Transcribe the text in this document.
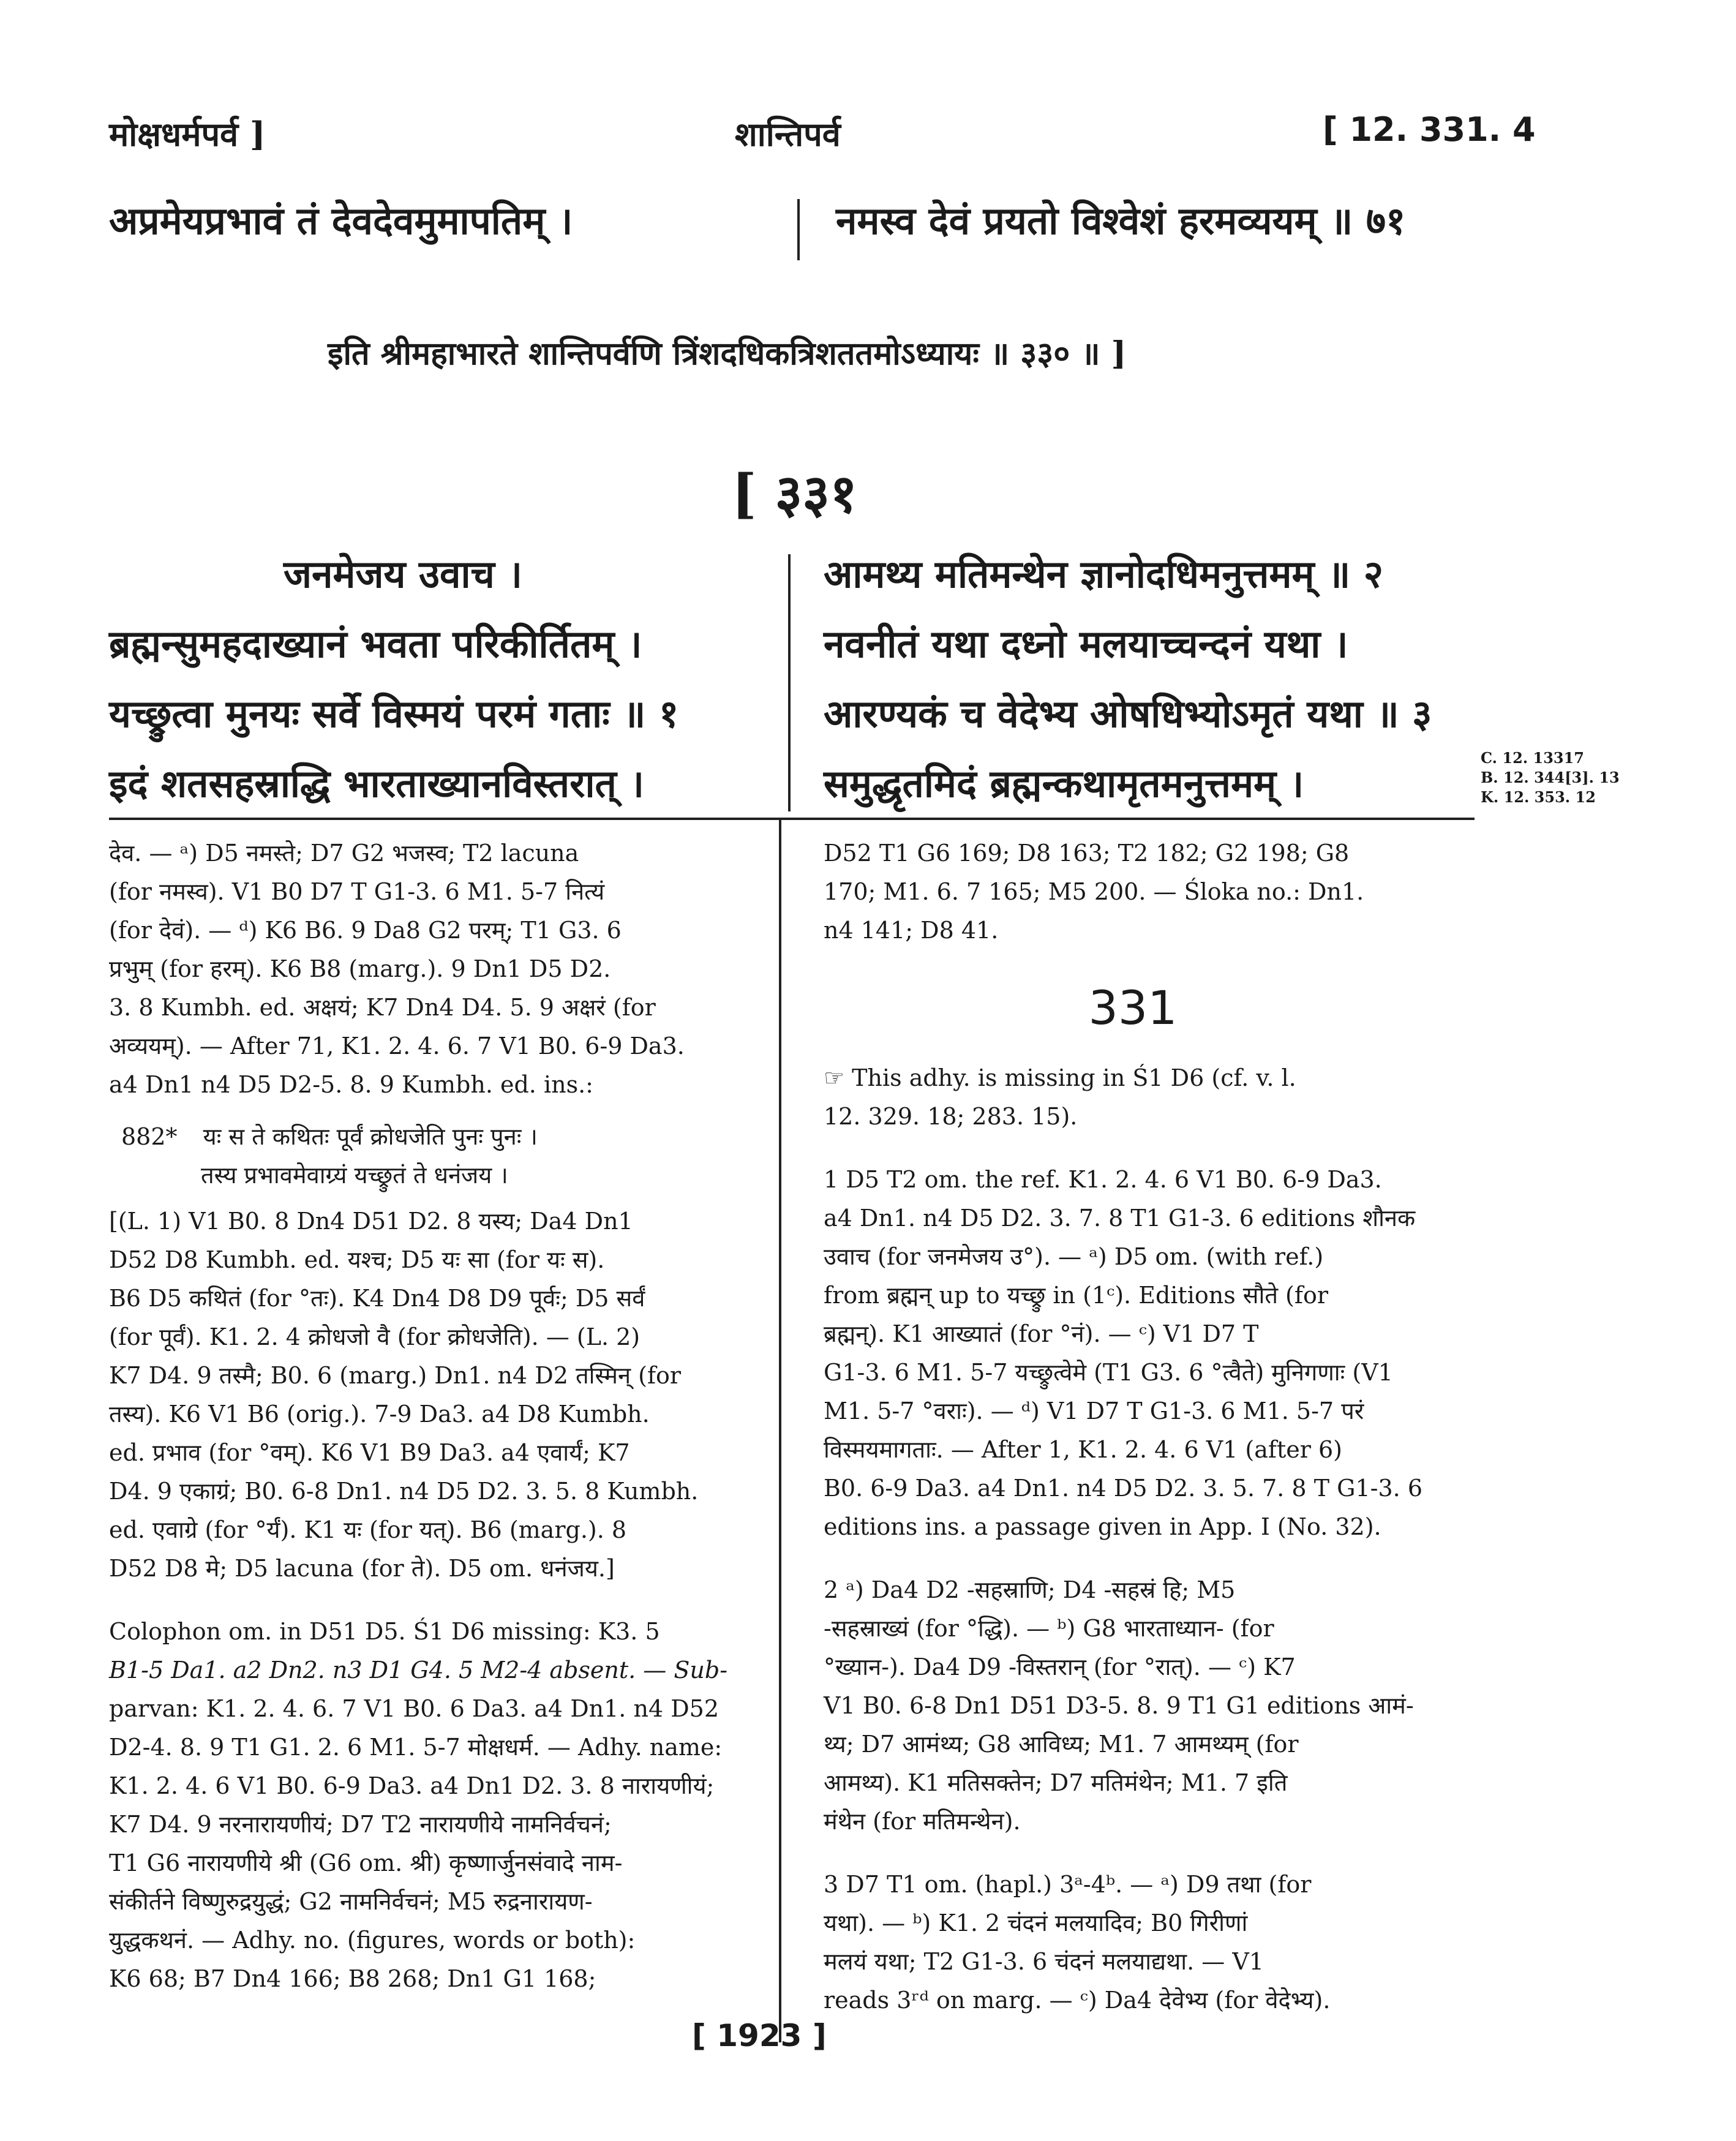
मोक्षधर्मपर्व ]	शान्तिपर्व	[ 12. 331. 4
अप्रमेयप्रभावं तं देवदेवमुमापतिम् ।	नमस्व देवं प्रयतो विश्वेशं हरमव्ययम् ॥ ७१
इति श्रीमहाभारते शान्तिपर्वणि त्रिंशदधिकत्रिशततमोऽध्यायः ॥ ३३० ॥ ]
[ ३३१
जनमेजय उवाच ।
ब्रह्मन्सुमहदाख्यानं भवता परिकीर्तितम् ।
यच्छ्रुत्वा मुनयः सर्वे विस्मयं परमं गताः ॥ १
इदं शतसहस्राद्धि भारताख्यानविस्तरात् ।
आमथ्य मतिमन्थेन ज्ञानोदधिमनुत्तमम् ॥ २
नवनीतं यथा दध्नो मलयाच्चन्दनं यथा ।
आरण्यकं च वेदेभ्य ओषधिभ्योऽमृतं यथा ॥ ३
समुद्धृतमिदं ब्रह्मन्कथामृतमनुत्तमम् ।
C. 12. 13317
B. 12. 344[3]. 13
K. 12. 353. 12
देव. — ᵃ) D5 नमस्ते; D7 G2 भजस्व; T2 lacuna
(for नमस्व). V1 B0 D7 T G1-3. 6 M1. 5-7 नित्यं
(for देवं). — ᵈ) K6 B6. 9 Da8 G2 परम्; T1 G3. 6
प्रभुम् (for हरम्). K6 B8 (marg.). 9 Dn1 D5 D2.
3. 8 Kumbh. ed. अक्षयं; K7 Dn4 D4. 5. 9 अक्षरं (for
अव्ययम्). — After 71, K1. 2. 4. 6. 7 V1 B0. 6-9 Da3.
a4 Dn1 n4 D5 D2-5. 8. 9 Kumbh. ed. ins.:
882* यः स ते कथितः पूर्वं क्रोधजेति पुनः पुनः ।
तस्य प्रभावमेवाग्र्यं यच्छ्रुतं ते धनंजय ।
[(L. 1) V1 B0. 8 Dn4 D51 D2. 8 यस्य; Da4 Dn1
D52 D8 Kumbh. ed. यश्च; D5 यः सा (for यः स).
B6 D5 कथितं (for °तः). K4 Dn4 D8 D9 पूर्वः; D5 सर्वं
(for पूर्वं). K1. 2. 4 क्रोधजो वै (for क्रोधजेति). — (L. 2)
K7 D4. 9 तस्मै; B0. 6 (marg.) Dn1. n4 D2 तस्मिन् (for
तस्य). K6 V1 B6 (orig.). 7-9 Da3. a4 D8 Kumbh.
ed. प्रभाव (for °वम्). K6 V1 B9 Da3. a4 एवार्यं; K7
D4. 9 एकाग्रं; B0. 6-8 Dn1. n4 D5 D2. 3. 5. 8 Kumbh.
ed. एवाग्रे (for °र्यं). K1 यः (for यत्). B6 (marg.). 8
D52 D8 मे; D5 lacuna (for ते). D5 om. धनंजय.]
Colophon om. in D51 D5. Ś1 D6 missing: K3. 5
B1-5 Da1. a2 Dn2. n3 D1 G4. 5 M2-4 absent. — Sub-
parvan: K1. 2. 4. 6. 7 V1 B0. 6 Da3. a4 Dn1. n4 D52
D2-4. 8. 9 T1 G1. 2. 6 M1. 5-7 मोक्षधर्म. — Adhy. name:
K1. 2. 4. 6 V1 B0. 6-9 Da3. a4 Dn1 D2. 3. 8 नारायणीयं;
K7 D4. 9 नरनारायणीयं; D7 T2 नारायणीये नामनिर्वचनं;
T1 G6 नारायणीये श्री (G6 om. श्री) कृष्णार्जुनसंवादे नाम-
संकीर्तने विष्णुरुद्रयुद्धं; G2 नामनिर्वचनं; M5 रुद्रनारायण-
युद्धकथनं. — Adhy. no. (figures, words or both):
K6 68; B7 Dn4 166; B8 268; Dn1 G1 168;
D52 T1 G6 169; D8 163; T2 182; G2 198; G8
170; M1. 6. 7 165; M5 200. — Śloka no.: Dn1.
n4 141; D8 41.
331
☞ This adhy. is missing in Ś1 D6 (cf. v. l.
12. 329. 18; 283. 15).
1 D5 T2 om. the ref. K1. 2. 4. 6 V1 B0. 6-9 Da3.
a4 Dn1. n4 D5 D2. 3. 7. 8 T1 G1-3. 6 editions शौनक
उवाच (for जनमेजय उ°). — ᵃ) D5 om. (with ref.)
from ब्रह्मन् up to यच्छ्रु in (1ᶜ). Editions सौते (for
ब्रह्मन्). K1 आख्यातं (for °नं). — ᶜ) V1 D7 T
G1-3. 6 M1. 5-7 यच्छ्रुत्वेमे (T1 G3. 6 °त्वैते) मुनिगणाः (V1
M1. 5-7 °वराः). — ᵈ) V1 D7 T G1-3. 6 M1. 5-7 परं
विस्मयमागताः. — After 1, K1. 2. 4. 6 V1 (after 6)
B0. 6-9 Da3. a4 Dn1. n4 D5 D2. 3. 5. 7. 8 T G1-3. 6
editions ins. a passage given in App. I (No. 32).
2 ᵃ) Da4 D2 -सहस्राणि; D4 -सहस्रं हि; M5
-सहस्राख्यं (for °द्धि). — ᵇ) G8 भारताध्यान- (for
°ख्यान-). Da4 D9 -विस्तरान् (for °रात्). — ᶜ) K7
V1 B0. 6-8 Dn1 D51 D3-5. 8. 9 T1 G1 editions आमं-
थ्य; D7 आमंथ्य; G8 आविध्य; M1. 7 आमथ्यम् (for
आमथ्य). K1 मतिसक्तेन; D7 मतिमंथेन; M1. 7 इति
मंथेन (for मतिमन्थेन).
3 D7 T1 om. (hapl.) 3ᵃ-4ᵇ. — ᵃ) D9 तथा (for
यथा). — ᵇ) K1. 2 चंदनं मलयादिव; B0 गिरीणां
मलयं यथा; T2 G1-3. 6 चंदनं मलयाद्यथा. — V1
reads 3ʳᵈ on marg. — ᶜ) Da4 देवेभ्य (for वेदेभ्य).
[ 1923 ]
